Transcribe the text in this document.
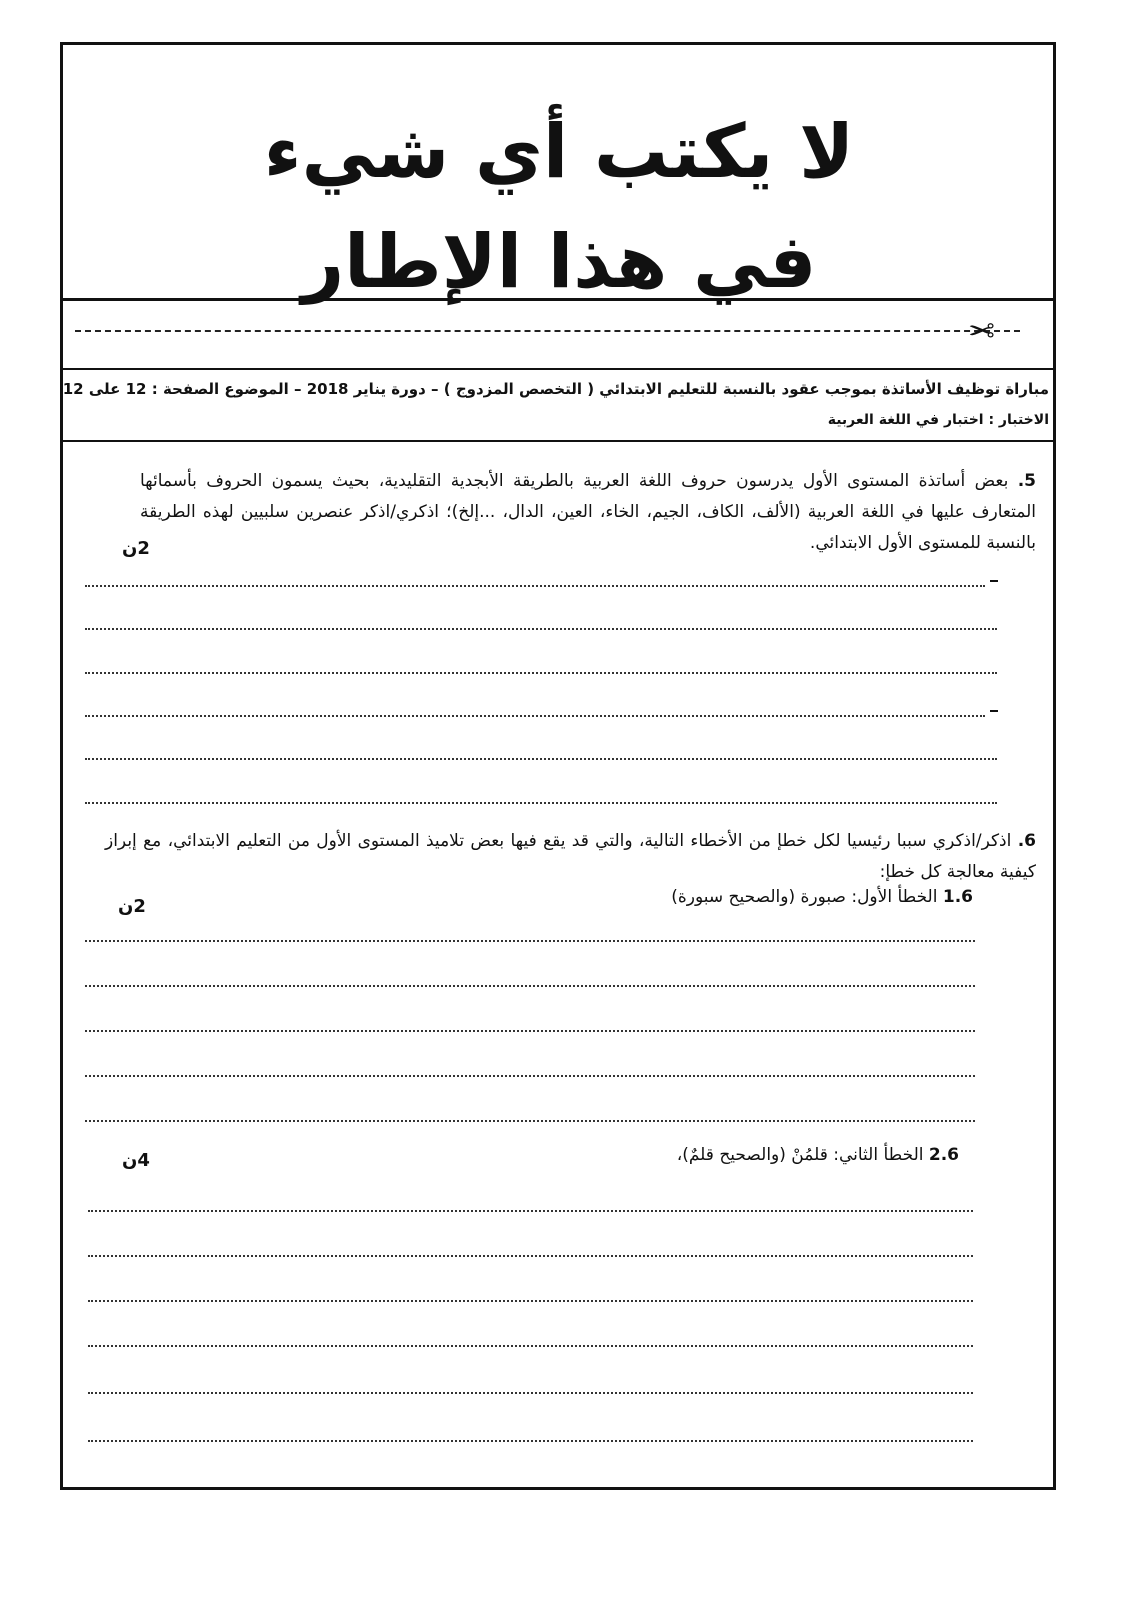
لا يكتب أي شيء
في هذا الإطار
✂
مباراة توظيف الأساتذة بموجب عقود بالنسبة للتعليم الابتدائي ( التخصص المزدوج ) – دورة يناير 2018 – الموضوع الصفحة : 12 على 12
الاختبار : اختبار في اللغة العربية
5. بعض أساتذة المستوى الأول يدرسون حروف اللغة العربية بالطريقة الأبجدية التقليدية، بحيث يسمون الحروف بأسمائها المتعارف عليها في اللغة العربية (الألف، الكاف، الجيم، الخاء، العين، الدال، ...إلخ)؛ اذكري/اذكر عنصرين سلبيين لهذه الطريقة بالنسبة للمستوى الأول الابتدائي.
2ن
6. اذكر/اذكري سببا رئيسيا لكل خطإ من الأخطاء التالية، والتي قد يقع فيها بعض تلاميذ المستوى الأول من التعليم الابتدائي، مع إبراز كيفية معالجة كل خطإ:
1.6 الخطأ الأول: صبورة (والصحيح سبورة)
2ن
2.6 الخطأ الثاني: قلمُنْ (والصحيح قلمٌ)،
4ن
